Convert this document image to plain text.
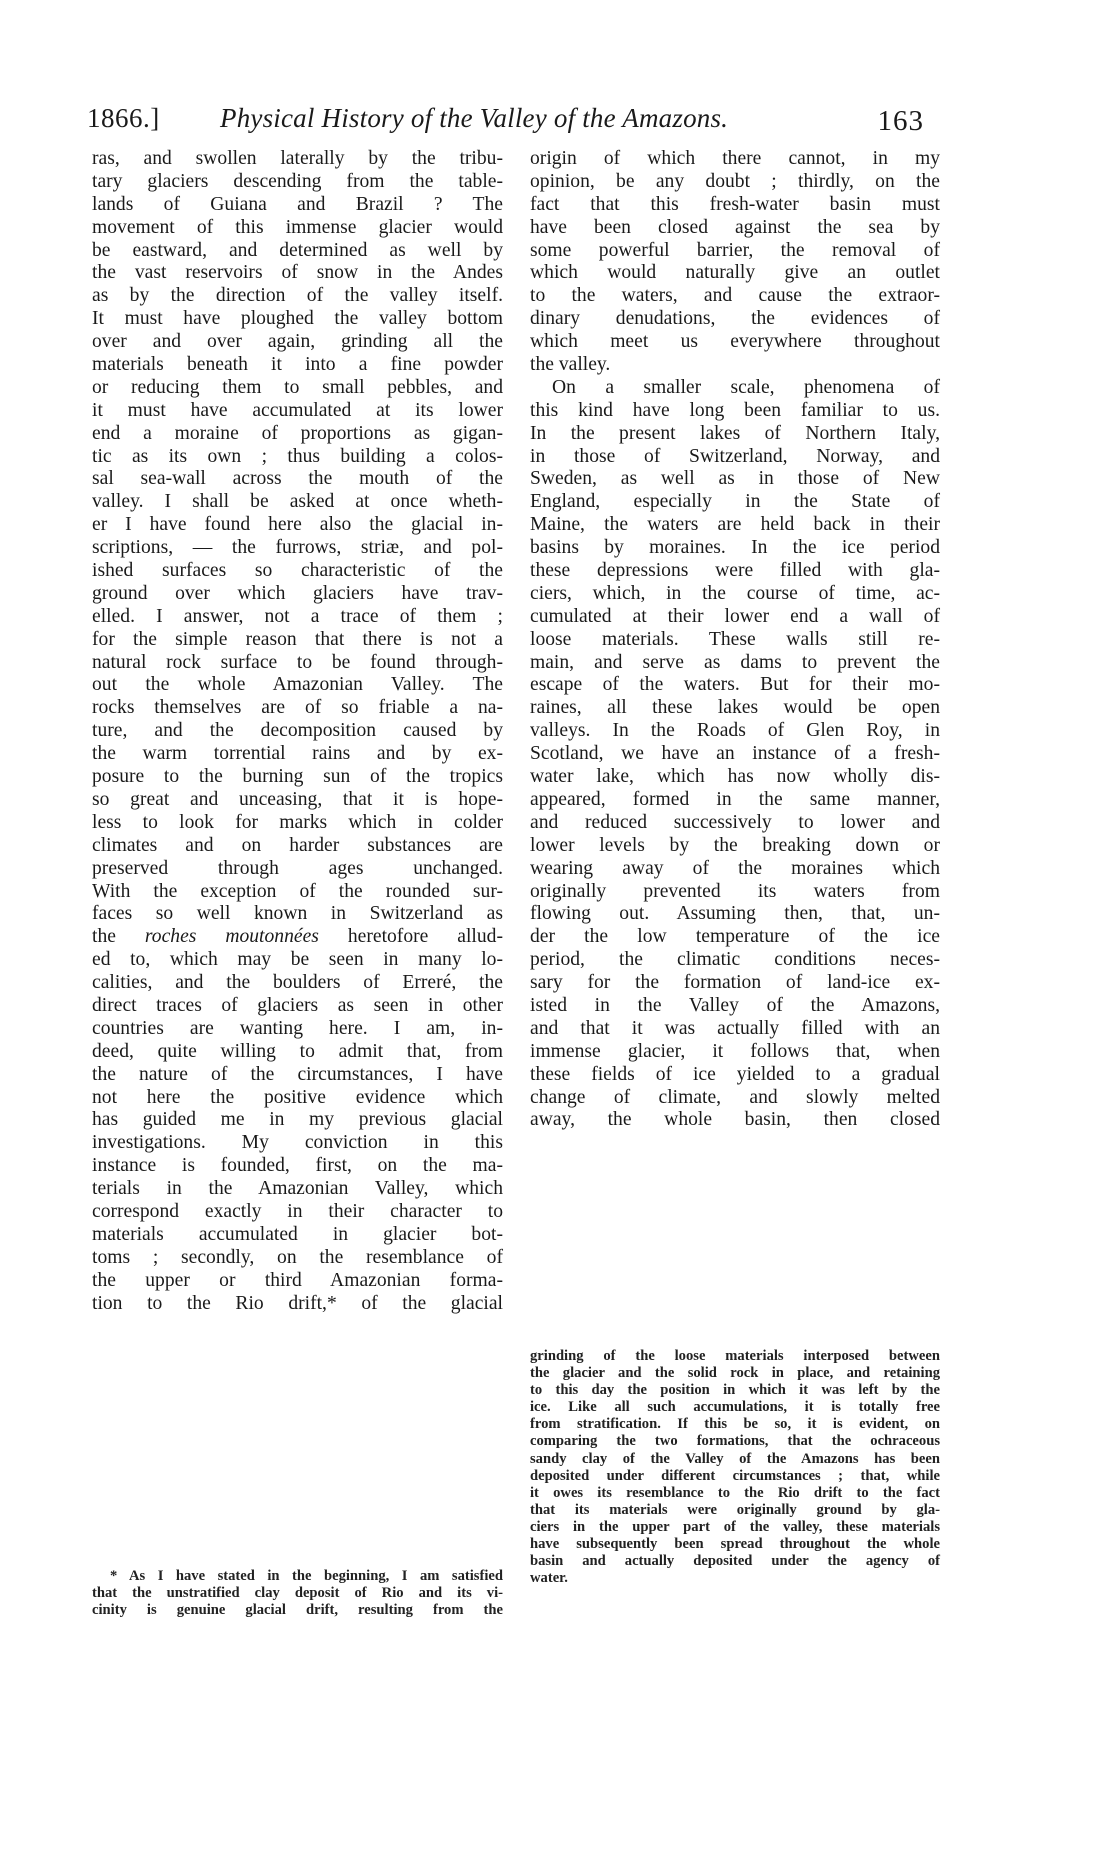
1866.] Physical History of the Valley of the Amazons.	163
ras, and swollen laterally by the tribu-
tary glaciers descending from the table-
lands of Guiana and Brazil ? The
movement of this immense glacier would
be eastward, and determined as well by
the vast reservoirs of snow in the Andes
as by the direction of the valley itself.
It must have ploughed the valley bottom
over and over again, grinding all the
materials beneath it into a fine powder
or reducing them to small pebbles, and
it must have accumulated at its lower
end a moraine of proportions as gigan-
tic as its own ; thus building a colos-
sal sea-wall across the mouth of the
valley. I shall be asked at once wheth-
er I have found here also the glacial in-
scriptions, — the furrows, striæ, and pol-
ished surfaces so characteristic of the
ground over which glaciers have trav-
elled. I answer, not a trace of them ;
for the simple reason that there is not a
natural rock surface to be found through-
out the whole Amazonian Valley. The
rocks themselves are of so friable a na-
ture, and the decomposition caused by
the warm torrential rains and by ex-
posure to the burning sun of the tropics
so great and unceasing, that it is hope-
less to look for marks which in colder
climates and on harder substances are
preserved through ages unchanged.
With the exception of the rounded sur-
faces so well known in Switzerland as
the roches moutonnées heretofore allud-
ed to, which may be seen in many lo-
calities, and the boulders of Erreré, the
direct traces of glaciers as seen in other
countries are wanting here. I am, in-
deed, quite willing to admit that, from
the nature of the circumstances, I have
not here the positive evidence which
has guided me in my previous glacial
investigations. My conviction in this
instance is founded, first, on the ma-
terials in the Amazonian Valley, which
correspond exactly in their character to
materials accumulated in glacier bot-
toms ; secondly, on the resemblance of
the upper or third Amazonian forma-
tion to the Rio drift,* of the glacial
* As I have stated in the beginning, I am satisfied
that the unstratified clay deposit of Rio and its vi-
cinity is genuine glacial drift, resulting from the
origin of which there cannot, in my
opinion, be any doubt ; thirdly, on the
fact that this fresh-water basin must
have been closed against the sea by
some powerful barrier, the removal of
which would naturally give an outlet
to the waters, and cause the extraor-
dinary denudations, the evidences of
which meet us everywhere throughout
the valley.
On a smaller scale, phenomena of
this kind have long been familiar to us.
In the present lakes of Northern Italy,
in those of Switzerland, Norway, and
Sweden, as well as in those of New
England, especially in the State of
Maine, the waters are held back in their
basins by moraines. In the ice period
these depressions were filled with gla-
ciers, which, in the course of time, ac-
cumulated at their lower end a wall of
loose materials. These walls still re-
main, and serve as dams to prevent the
escape of the waters. But for their mo-
raines, all these lakes would be open
valleys. In the Roads of Glen Roy, in
Scotland, we have an instance of a fresh-
water lake, which has now wholly dis-
appeared, formed in the same manner,
and reduced successively to lower and
lower levels by the breaking down or
wearing away of the moraines which
originally prevented its waters from
flowing out. Assuming then, that, un-
der the low temperature of the ice
period, the climatic conditions neces-
sary for the formation of land-ice ex-
isted in the Valley of the Amazons,
and that it was actually filled with an
immense glacier, it follows that, when
these fields of ice yielded to a gradual
change of climate, and slowly melted
away, the whole basin, then closed
grinding of the loose materials interposed between
the glacier and the solid rock in place, and retaining
to this day the position in which it was left by the
ice. Like all such accumulations, it is totally free
from stratification. If this be so, it is evident, on
comparing the two formations, that the ochraceous
sandy clay of the Valley of the Amazons has been
deposited under different circumstances ; that, while
it owes its resemblance to the Rio drift to the fact
that its materials were originally ground by gla-
ciers in the upper part of the valley, these materials
have subsequently been spread throughout the whole
basin and actually deposited under the agency of
water.
